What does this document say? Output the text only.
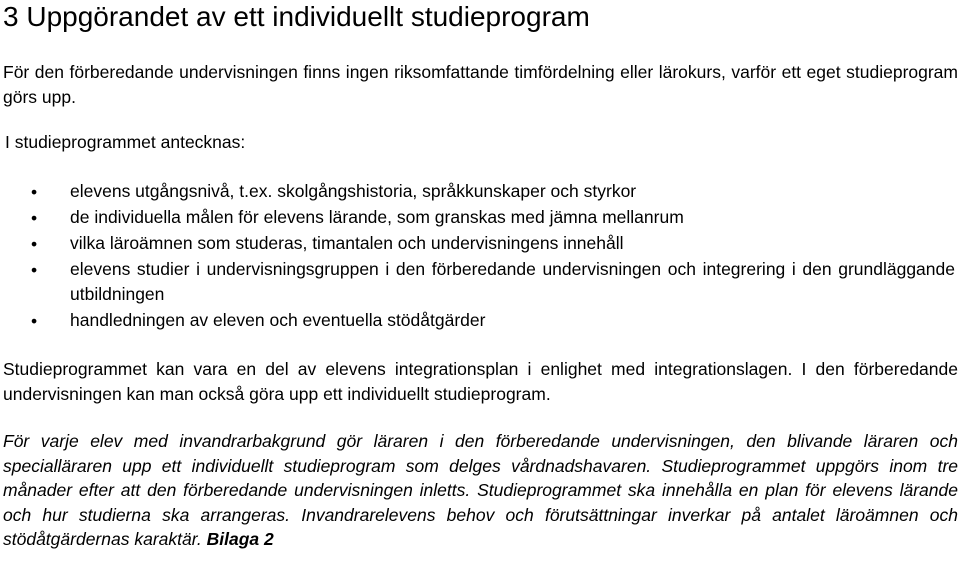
3 Uppgörandet av ett individuellt studieprogram

För den förberedande undervisningen finns ingen riksomfattande timfördelning eller lärokurs, varför ett eget studieprogram görs upp.

I studieprogrammet antecknas:

• elevens utgångsnivå, t.ex. skolgångshistoria, språkkunskaper och styrkor
• de individuella målen för elevens lärande, som granskas med jämna mellanrum
• vilka läroämnen som studeras, timantalen och undervisningens innehåll
• elevens studier i undervisningsgruppen i den förberedande undervisningen och integrering i den grundläggande utbildningen
• handledningen av eleven och eventuella stödåtgärder

Studieprogrammet kan vara en del av elevens integrationsplan i enlighet med integrationslagen. I den förberedande undervisningen kan man också göra upp ett individuellt studieprogram.

För varje elev med invandrarbakgrund gör läraren i den förberedande undervisningen, den blivande läraren och specialläraren upp ett individuellt studieprogram som delges vårdnadshavaren. Studieprogrammet uppgörs inom tre månader efter att den förberedande undervisningen inletts. Studieprogrammet ska innehålla en plan för elevens lärande och hur studierna ska arrangeras. Invandrarelevens behov och förutsättningar inverkar på antalet läroämnen och stödåtgärdernas karaktär. Bilaga 2
